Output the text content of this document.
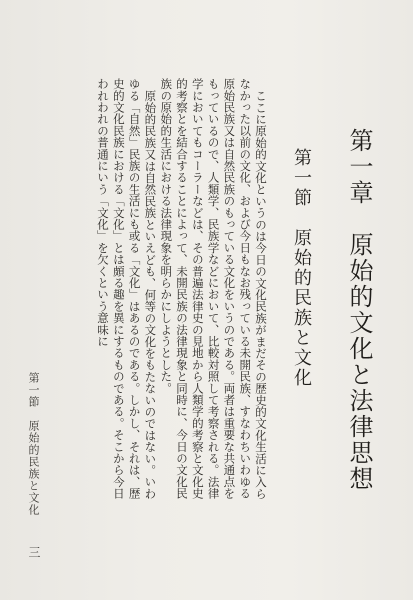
第一章　原始的文化と法律思想
第一節　原始的民族と文化

ここに原始的文化というのは今日の文化民族がまだその歴史的文化生活に入らなかった以前の文化、および今日もなお残っている未開民族、すなわちいわゆる原始民族又は自然民族のもっている文化をいうのである。両者は重要な共通点をもっているので、人類学、民族学などにおいて、比較対照して考察される。法律学においてもコーラーなどは、その普遍法律史の見地から人類学的考察と文化史的考察とを結合することによって、未開民族の法律現象と同時に、今日の文化民族の原始的生活における法律現象を明らかにしようとした。

原始的民族又は自然民族といえども、何等の文化をもたないのではない。いわゆる「自然」民族の生活にも或る「文化」はあるのである。しかし、それは、歴史的文化民族における「文化」とは頗る趣を異にするものである。そこから今日われわれの普通にいう「文化」を欠くという意味に

第一節　原始的民族と文化
三
